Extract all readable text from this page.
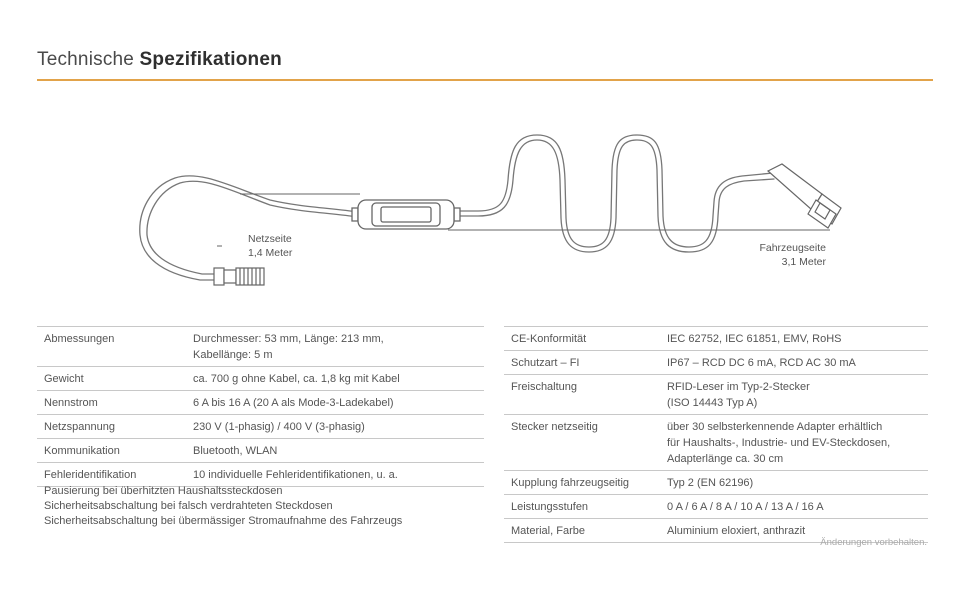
Technische Spezifikationen
Netzseite
1,4 Meter	Fahrzeugseite
3,1 Meter
Abmessungen	Durchmesser: 53 mm, Länge: 213 mm,
Kabellänge: 5 m

Gewicht	ca. 700 g ohne Kabel, ca. 1,8 kg mit Kabel

Nennstrom	6 A bis 16 A (20 A als Mode-3-Ladekabel)

Netzspannung	230 V (1-phasig) / 400 V (3-phasig)

Kommunikation	Bluetooth, WLAN

Fehleridentifikation	10 individuelle Fehleridentifikationen, u. a.
Pausierung bei überhitzten Haushaltssteckdosen
Sicherheitsabschaltung bei falsch verdrahteten Steckdosen
Sicherheitsabschaltung bei übermässiger Stromaufnahme des Fahrzeugs
CE-Konformität	IEC 62752, IEC 61851, EMV, RoHS

Schutzart – FI	IP67 – RCD DC 6 mA, RCD AC 30 mA

Freischaltung	RFID-Leser im Typ-2-Stecker
(ISO 14443 Typ A)

Stecker netzseitig	über 30 selbsterkennende Adapter erhältlich
für Haushalts-, Industrie- und EV-Steckdosen,
Adapterlänge ca. 30 cm

Kupplung fahrzeugseitig	Typ 2 (EN 62196)

Leistungsstufen	0 A / 6 A / 8 A / 10 A / 13 A / 16 A

Material, Farbe	Aluminium eloxiert, anthrazit
Änderungen vorbehalten.
